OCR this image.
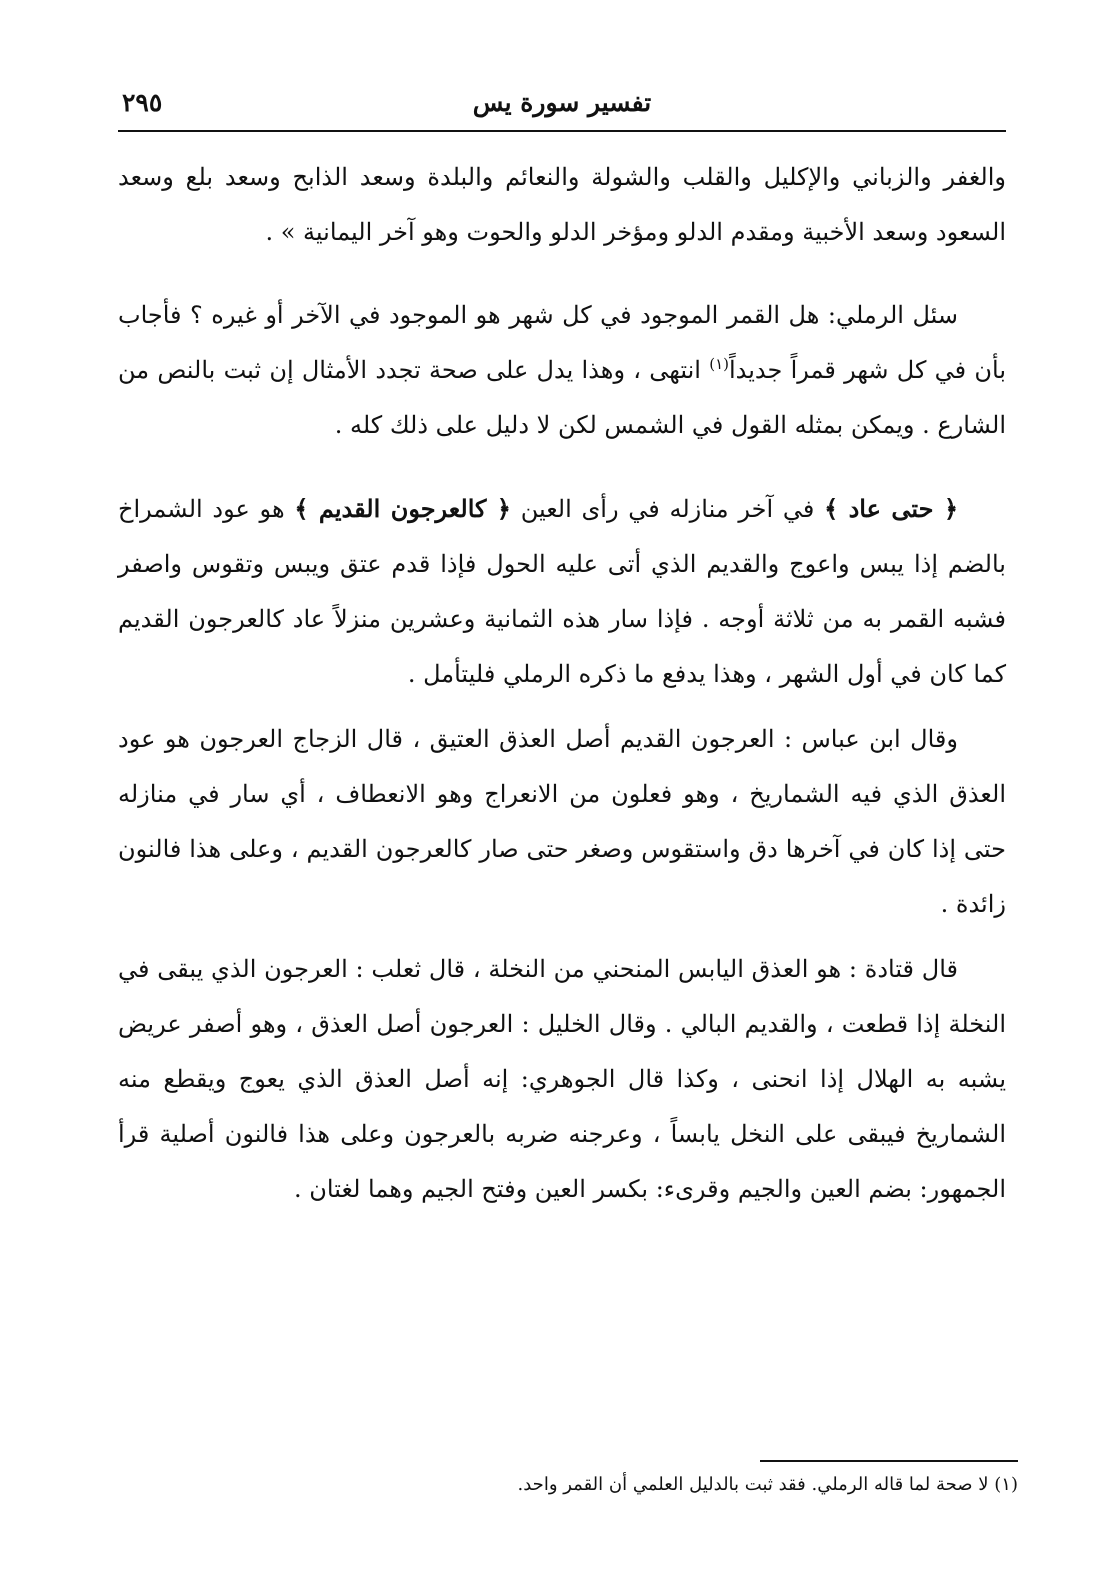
٢٩٥	تفسير سورة يس

والغفر والزباني والإكليل والقلب والشولة والنعائم والبلدة وسعد الذابح وسعد بلع وسعد السعود وسعد الأخبية ومقدم الدلو ومؤخر الدلو والحوت وهو آخر اليمانية » .

سئل الرملي: هل القمر الموجود في كل شهر هو الموجود في الآخر أو غيره ؟ فأجاب بأن في كل شهر قمراً جديداً$^{(١)}$ انتهى ، وهذا يدل على صحة تجدد الأمثال إن ثبت بالنص من الشارع . ويمكن بمثله القول في الشمس لكن لا دليل على ذلك كله .

﴿ حتى عاد ﴾ في آخر منازله في رأى العين ﴿ كالعرجون القديم ﴾ هو عود الشمراخ بالضم إذا يبس واعوج والقديم الذي أتى عليه الحول فإذا قدم عتق ويبس وتقوس واصفر فشبه القمر به من ثلاثة أوجه . فإذا سار هذه الثمانية وعشرين منزلاً عاد كالعرجون القديم كما كان في أول الشهر ، وهذا يدفع ما ذكره الرملي فليتأمل .

وقال ابن عباس : العرجون القديم أصل العذق العتيق ، قال الزجاج العرجون هو عود العذق الذي فيه الشماريخ ، وهو فعلون من الانعراج وهو الانعطاف ، أي سار في منازله حتى إذا كان في آخرها دق واستقوس وصغر حتى صار كالعرجون القديم ، وعلى هذا فالنون زائدة .

قال قتادة : هو العذق اليابس المنحني من النخلة ، قال ثعلب : العرجون الذي يبقى في النخلة إذا قطعت ، والقديم البالي . وقال الخليل : العرجون أصل العذق ، وهو أصفر عريض يشبه به الهلال إذا انحنى ، وكذا قال الجوهري: إنه أصل العذق الذي يعوج ويقطع منه الشماريخ فيبقى على النخل يابساً ، وعرجنه ضربه بالعرجون وعلى هذا فالنون أصلية قرأ الجمهور: بضم العين والجيم وقرىء: بكسر العين وفتح الجيم وهما لغتان .

(١) لا صحة لما قاله الرملي. فقد ثبت بالدليل العلمي أن القمر واحد.
